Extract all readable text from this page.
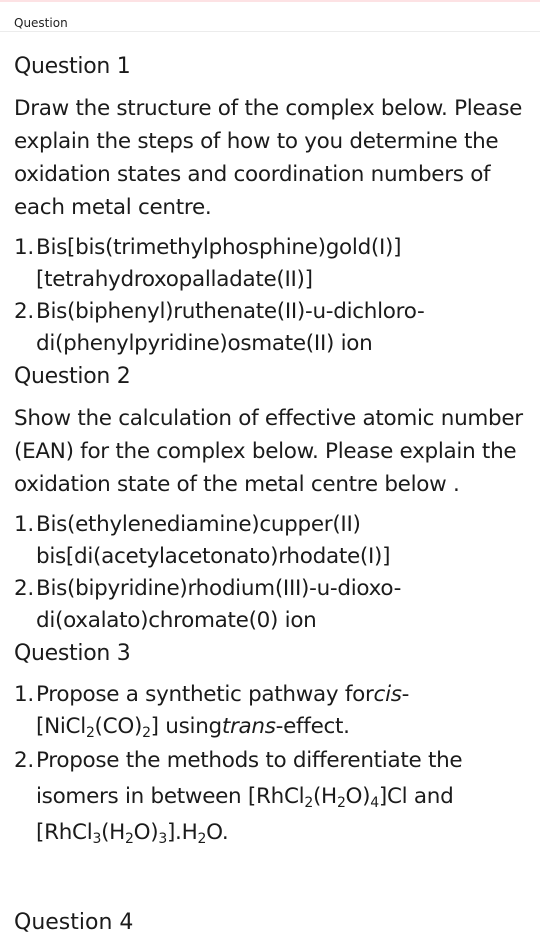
Question
Question 1

Draw the structure of the complex below. Please explain the steps of how to you determine the oxidation states and coordination numbers of each metal centre.

1. Bis[bis(trimethylphosphine)gold(I)] [tetrahydroxopalladate(II)]
2. Bis(biphenyl)ruthenate(II)-u-dichloro-di(phenylpyridine)osmate(II) ion
Question 2

Show the calculation of effective atomic number (EAN) for the complex below. Please explain the oxidation state of the metal centre below .

1. Bis(ethylenediamine)cupper(II) bis[di(acetylacetonato)rhodate(I)]
2. Bis(bipyridine)rhodium(III)-u-dioxo-di(oxalato)chromate(0) ion
Question 3
1. Propose a synthetic pathway forcis-$[NiCl_2(CO)_2]$ usingtrans-effect.
2. Propose the methods to differentiate the isomers in between $[RhCl_2(H_2O)_4]Cl$ and $[RhCl_3(H_2O)_3].H_2O$.
Question 4
